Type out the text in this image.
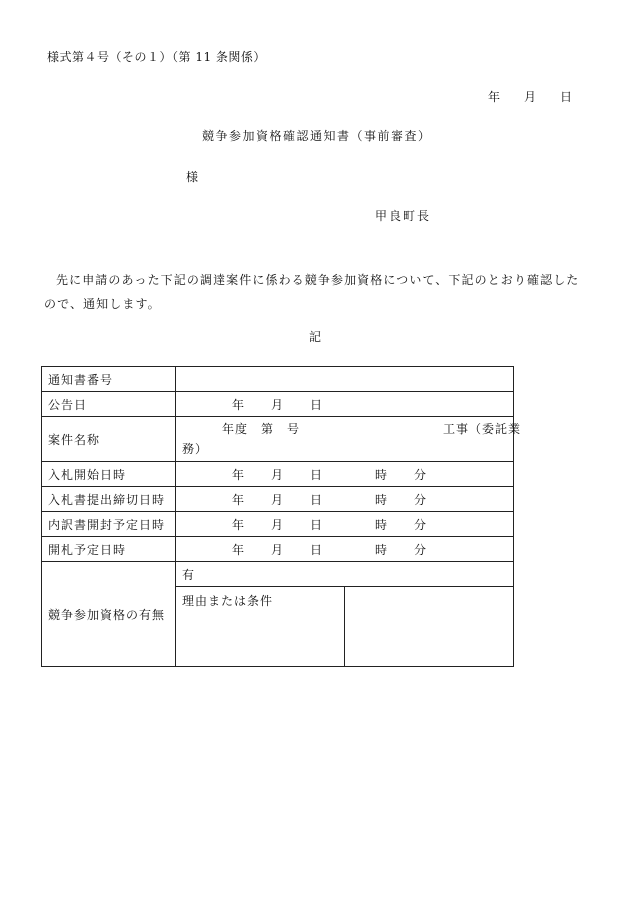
様式第４号（その１）（第 11 条関係）
年　　月　　日
競争参加資格確認通知書（事前審査）
様
甲良町長
先に申請のあった下記の調達案件に係わる競争参加資格について、下記のとおり確認したので、通知します。
記
通知書番号		
公告日	年　　月　　日	
案件名称	年度　第　号　　　　　　　　　　　工事（委託業
務）	

入札開始日時	年　　月　　日　　　　時　　分	
入札書提出締切日時	年　　月　　日　　　　時　　分	
内訳書開封予定日時	年　　月　　日　　　　時　　分	
開札予定日時	年　　月　　日　　　　時　　分	
競争参加資格の有無	有	
	理由または条件	
